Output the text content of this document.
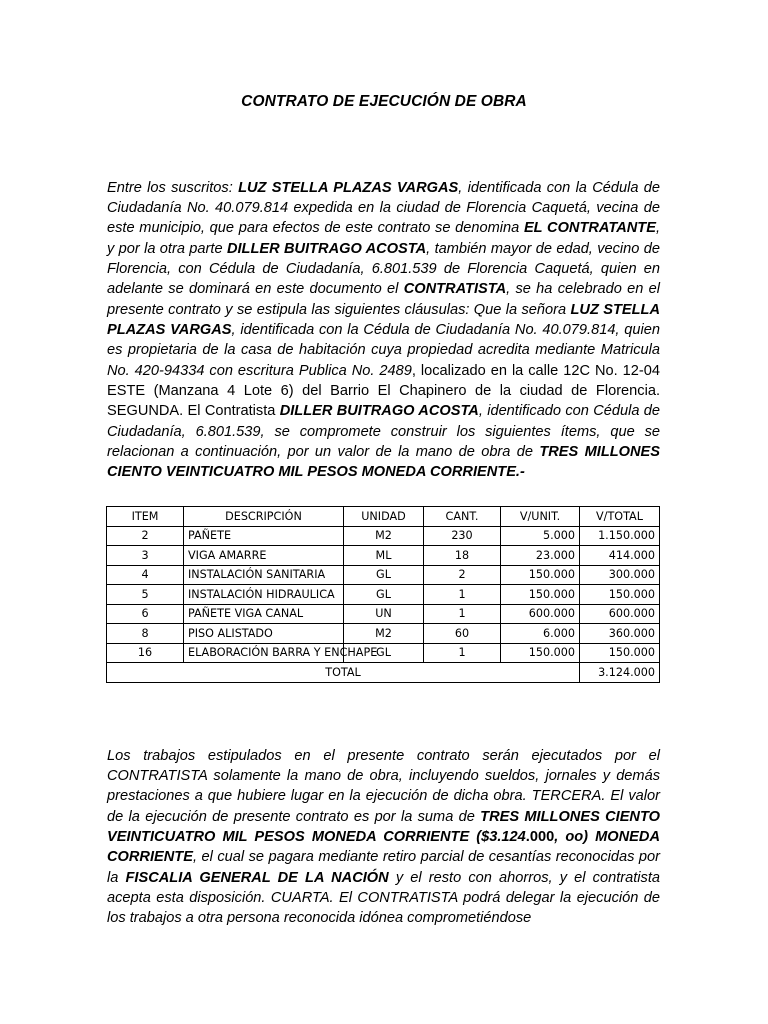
CONTRATO DE EJECUCIÓN DE OBRA

Entre los suscritos: LUZ STELLA PLAZAS VARGAS, identificada con la Cédula de Ciudadanía No. 40.079.814 expedida en la ciudad de Florencia Caquetá, vecina de este municipio, que para efectos de este contrato se denomina EL CONTRATANTE, y por la otra parte DILLER BUITRAGO ACOSTA, también mayor de edad, vecino de Florencia, con Cédula de Ciudadanía, 6.801.539 de Florencia Caquetá, quien en adelante se dominará en este documento el CONTRATISTA, se ha celebrado en el presente contrato y se estipula las siguientes cláusulas: Que la señora LUZ STELLA PLAZAS VARGAS, identificada con la Cédula de Ciudadanía No. 40.079.814, quien es propietaria de la casa de habitación cuya propiedad acredita mediante Matricula No. 420-94334 con escritura Publica No. 2489, localizado en la calle 12C No. 12-04 ESTE (Manzana 4 Lote 6) del Barrio El Chapinero de la ciudad de Florencia. SEGUNDA. El Contratista DILLER BUITRAGO ACOSTA, identificado con Cédula de Ciudadanía, 6.801.539, se compromete construir los siguientes ítems, que se relacionan a continuación, por un valor de la mano de obra de TRES MILLONES CIENTO VEINTICUATRO MIL PESOS MONEDA CORRIENTE.-

ITEM	DESCRIPCIÓN	UNIDAD	CANT.	V/UNIT.	V/TOTAL
2	PAÑETE	M2	230	5.000	1.150.000
3	VIGA AMARRE	ML	18	23.000	414.000
4	INSTALACIÓN SANITARIA	GL	2	150.000	300.000
5	INSTALACIÓN HIDRAULICA	GL	1	150.000	150.000
6	PAÑETE VIGA CANAL	UN	1	600.000	600.000
8	PISO ALISTADO	M2	60	6.000	360.000
16	ELABORACIÓN BARRA Y ENCHAPE	GL	1	150.000	150.000
TOTAL					3.124.000

Los trabajos estipulados en el presente contrato serán ejecutados por el CONTRATISTA solamente la mano de obra, incluyendo sueldos, jornales y demás prestaciones a que hubiere lugar en la ejecución de dicha obra. TERCERA. El valor de la ejecución de presente contrato es por la suma de TRES MILLONES CIENTO VEINTICUATRO MIL PESOS MONEDA CORRIENTE ($3.124.000, oo) MONEDA CORRIENTE, el cual se pagara mediante retiro parcial de cesantías reconocidas por la FISCALIA GENERAL DE LA NACIÓN y el resto con ahorros, y el contratista acepta esta disposición. CUARTA. El CONTRATISTA podrá delegar la ejecución de los trabajos a otra persona reconocida idónea comprometiéndose
